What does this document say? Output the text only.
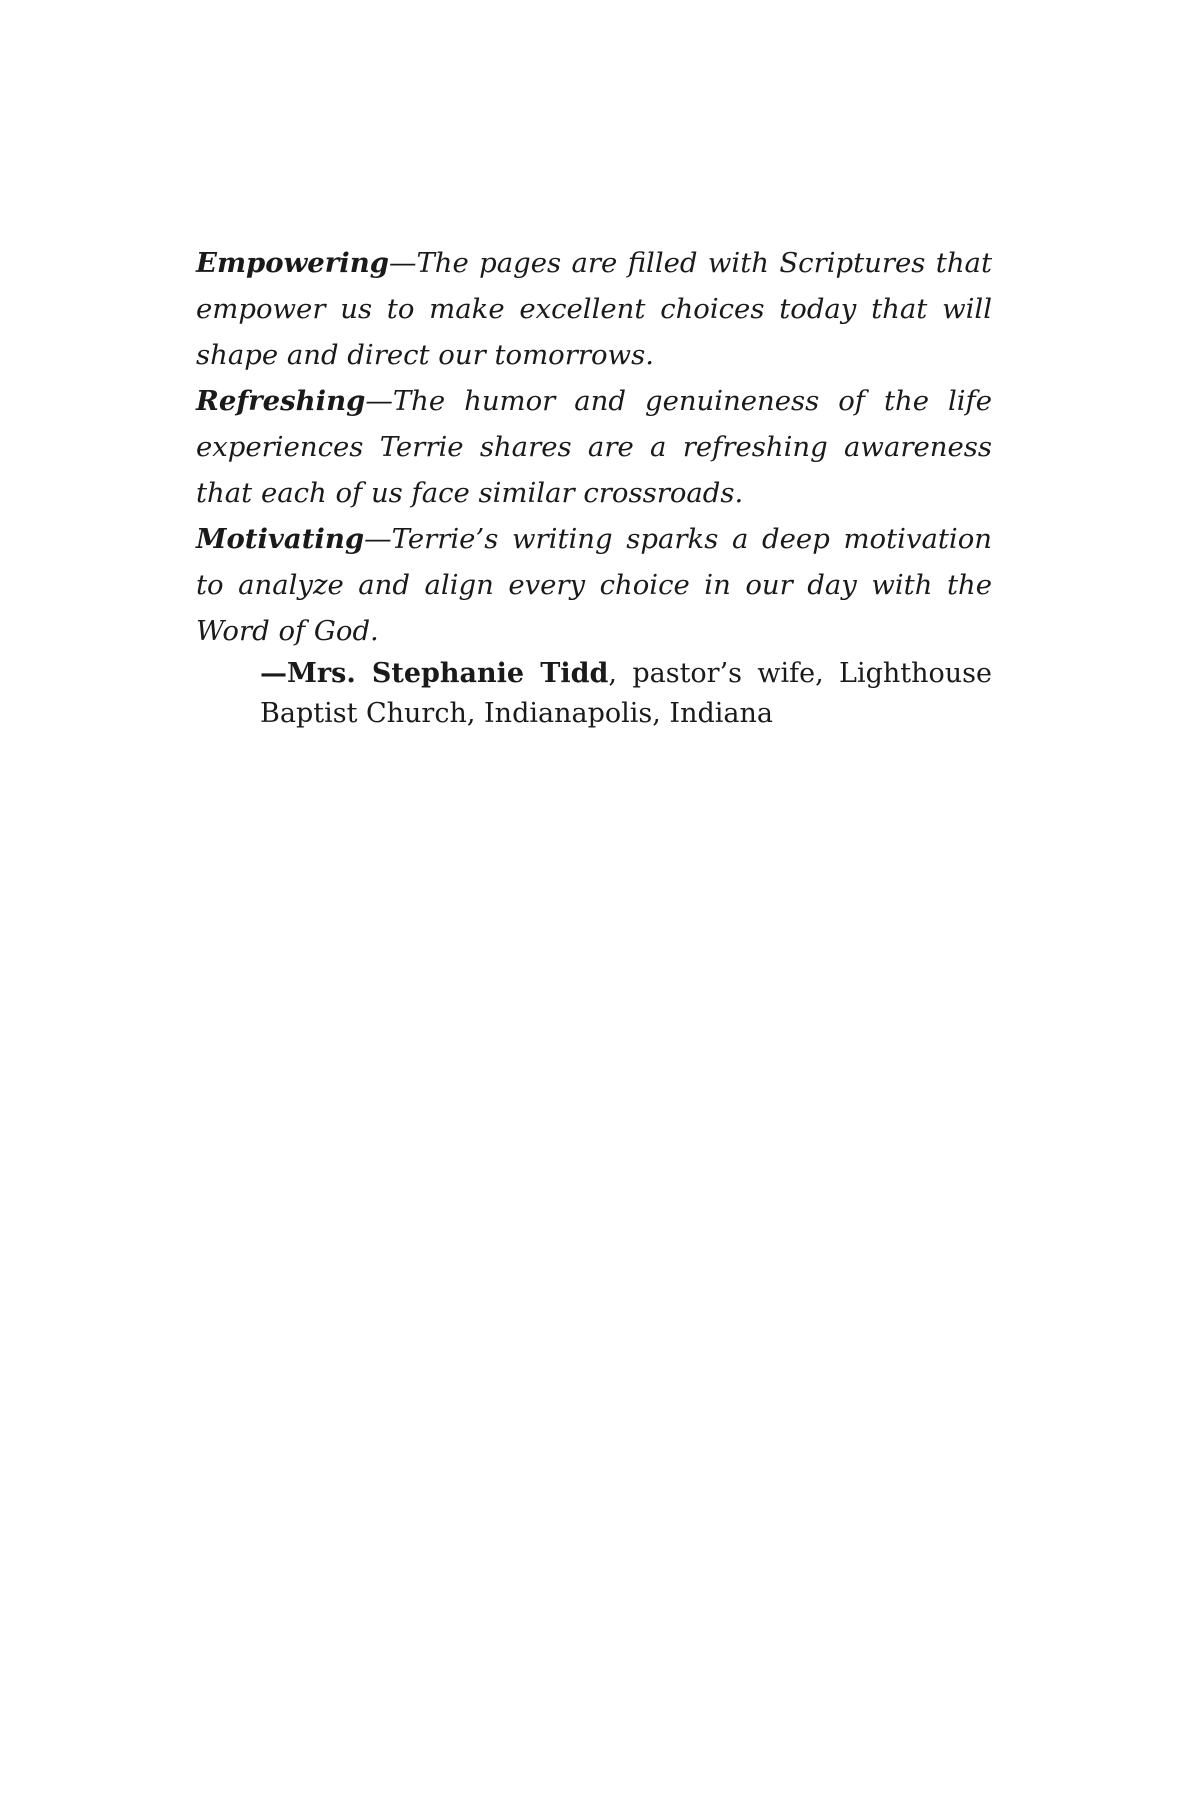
Empowering—The pages are filled with Scriptures that empower us to make excellent choices today that will shape and direct our tomorrows.

Refreshing—The humor and genuineness of the life experiences Terrie shares are a refreshing awareness that each of us face similar crossroads.

Motivating—Terrie’s writing sparks a deep motivation to analyze and align every choice in our day with the Word of God.

—Mrs. Stephanie Tidd, pastor’s wife, Lighthouse Baptist Church, Indianapolis, Indiana
